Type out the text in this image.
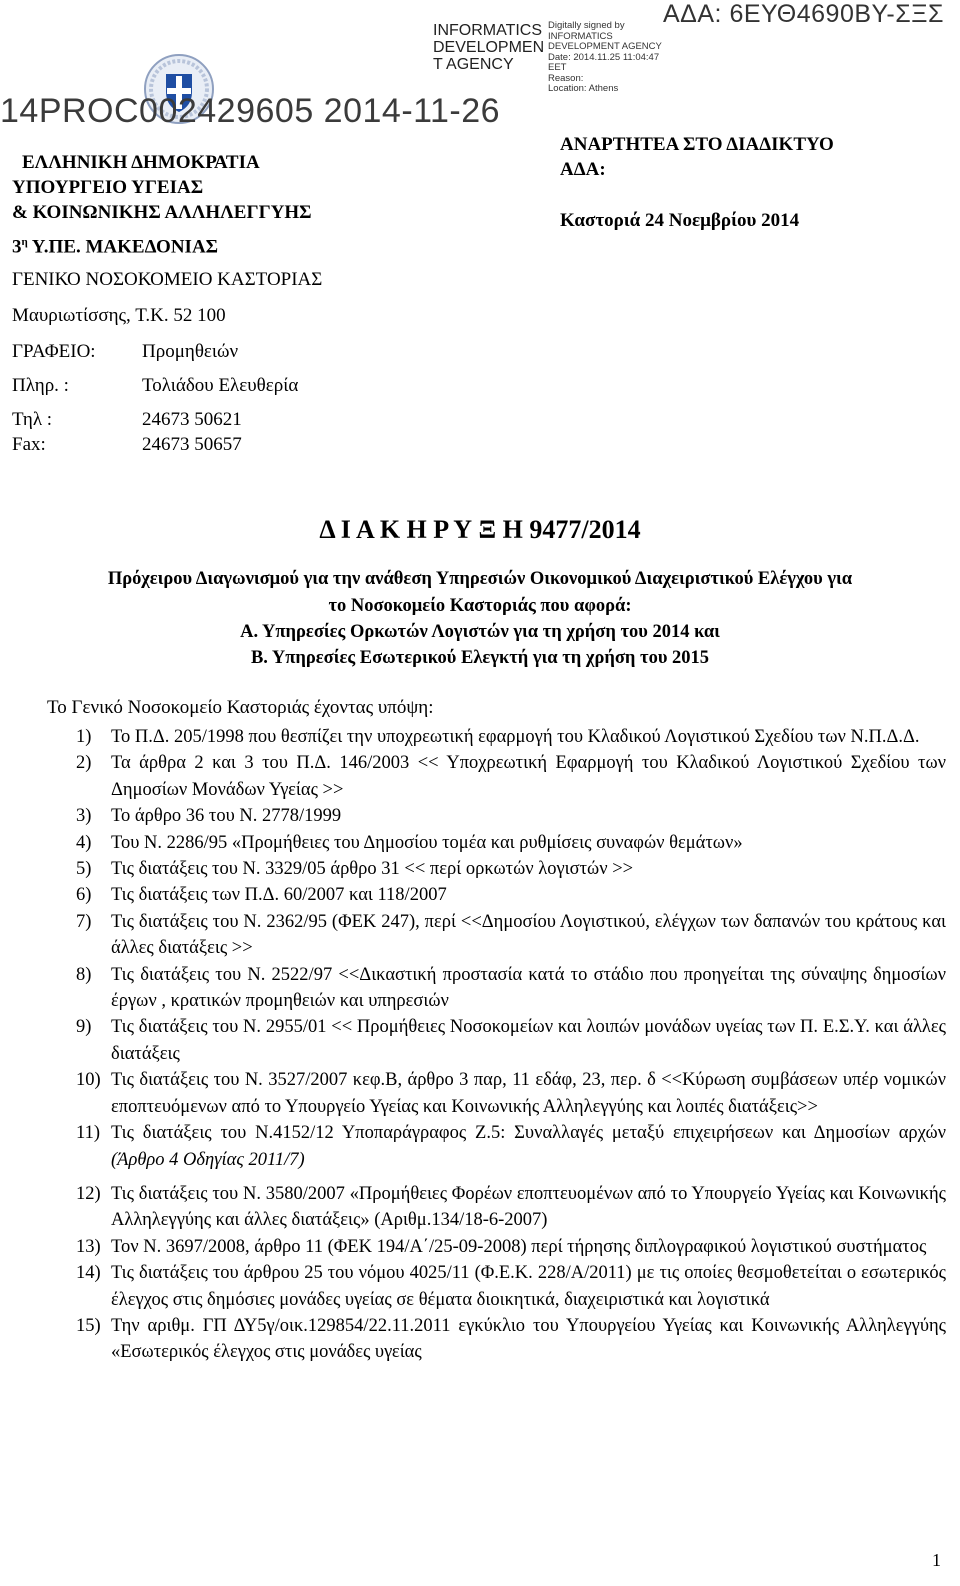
14PROC002429605 2014-11-26
ΑΔΑ: 6ΕΥΘ4690ΒΥ-ΣΞΣ
INFORMATICS
DEVELOPMEN
T AGENCY
Digitally signed by
INFORMATICS
DEVELOPMENT AGENCY
Date: 2014.11.25 11:04:47
EET
Reason:
Location: Athens
ΕΛΛΗΝΙΚΗ ΔΗΜΟΚΡΑΤΙΑ
ΥΠΟΥΡΓΕΙΟ ΥΓΕΙΑΣ
& ΚΟΙΝΩΝΙΚΗΣ ΑΛΛΗΛΕΓΓΥΗΣ
$3^\eta$ Υ.ΠΕ. ΜΑΚΕΔΟΝΙΑΣ
ΓΕΝΙΚΟ ΝΟΣΟΚΟΜΕΙΟ ΚΑΣΤΟΡΙΑΣ
Μαυριωτίσσης, Τ.Κ. 52 100
ΓΡΑΦΕΙΟ: Προμηθειών
Πληρ. :	Τολιάδου Ελευθερία
Τηλ :	24673 50621
Fax:	24673 50657
ΑΝΑΡΤΗΤΕΑ ΣΤΟ ΔΙΑΔΙΚΤΥΟ
ΑΔΑ:
Καστοριά 24 Νοεμβρίου 2014
Δ Ι Α Κ Η Ρ Υ Ξ Η 9477/2014
Πρόχειρου Διαγωνισμού για την ανάθεση Υπηρεσιών Οικονομικού Διαχειριστικού Ελέγχου για
το Νοσοκομείο Καστοριάς που αφορά:
Α. Υπηρεσίες Ορκωτών Λογιστών για τη χρήση του 2014 και
Β. Υπηρεσίες Εσωτερικού Ελεγκτή για τη χρήση του 2015
Το Γενικό Νοσοκομείο Καστοριάς έχοντας υπόψη:
1) Το Π.Δ. 205/1998 που θεσπίζει την υποχρεωτική εφαρμογή του Κλαδικού Λογιστικού Σχεδίου των Ν.Π.Δ.Δ.
2) Τα άρθρα 2 και 3 του Π.Δ. 146/2003 << Υποχρεωτική Εφαρμογή του Κλαδικού Λογιστικού Σχεδίου των Δημοσίων Μονάδων Υγείας >>
3) Το άρθρο 36 του Ν. 2778/1999
4) Του Ν. 2286/95 «Προμήθειες του Δημοσίου τομέα και ρυθμίσεις συναφών θεμάτων»
5) Τις διατάξεις του Ν. 3329/05 άρθρο 31 << περί ορκωτών λογιστών >>
6) Τις διατάξεις των Π.Δ. 60/2007 και 118/2007
7) Τις διατάξεις του Ν. 2362/95 (ΦΕΚ 247), περί <<Δημοσίου Λογιστικού, ελέγχων των δαπανών του κράτους και άλλες διατάξεις >>
8) Τις διατάξεις του Ν. 2522/97 <<Δικαστική προστασία κατά το στάδιο που προηγείται της σύναψης δημοσίων έργων , κρατικών προμηθειών και υπηρεσιών
9) Τις διατάξεις του Ν. 2955/01 << Προμήθειες Νοσοκομείων και λοιπών μονάδων υγείας των Π. Ε.Σ.Υ. και άλλες διατάξεις
10) Τις διατάξεις του Ν. 3527/2007 κεφ.Β, άρθρο 3 παρ, 11 εδάφ, 23, περ. δ <<Κύρωση συμβάσεων υπέρ νομικών εποπτευόμενων από το Υπουργείο Υγείας και Κοινωνικής Αλληλεγγύης και λοιπές διατάξεις>>
11) Τις διατάξεις του Ν.4152/12 Υποπαράγραφος Ζ.5: Συναλλαγές μεταξύ επιχειρήσεων και Δημοσίων αρχών (Άρθρο 4 Οδηγίας 2011/7)
12) Τις διατάξεις του Ν. 3580/2007 «Προμήθειες Φορέων εποπτευομένων από το Υπουργείο Υγείας και Κοινωνικής Αλληλεγγύης και άλλες διατάξεις» (Αριθμ.134/18-6-2007)
13) Τον Ν. 3697/2008, άρθρο 11 (ΦΕΚ 194/Α΄/25-09-2008) περί τήρησης διπλογραφικού λογιστικού συστήματος
14) Τις διατάξεις του άρθρου 25 του νόμου 4025/11 (Φ.Ε.Κ. 228/Α/2011) με τις οποίες θεσμοθετείται ο εσωτερικός έλεγχος στις δημόσιες μονάδες υγείας σε θέματα διοικητικά, διαχειριστικά και λογιστικά
15) Την αριθμ. ΓΠ ΔΥ5γ/οικ.129854/22.11.2011 εγκύκλιο του Υπουργείου Υγείας και Κοινωνικής Αλληλεγγύης «Εσωτερικός έλεγχος στις μονάδες υγείας
1
